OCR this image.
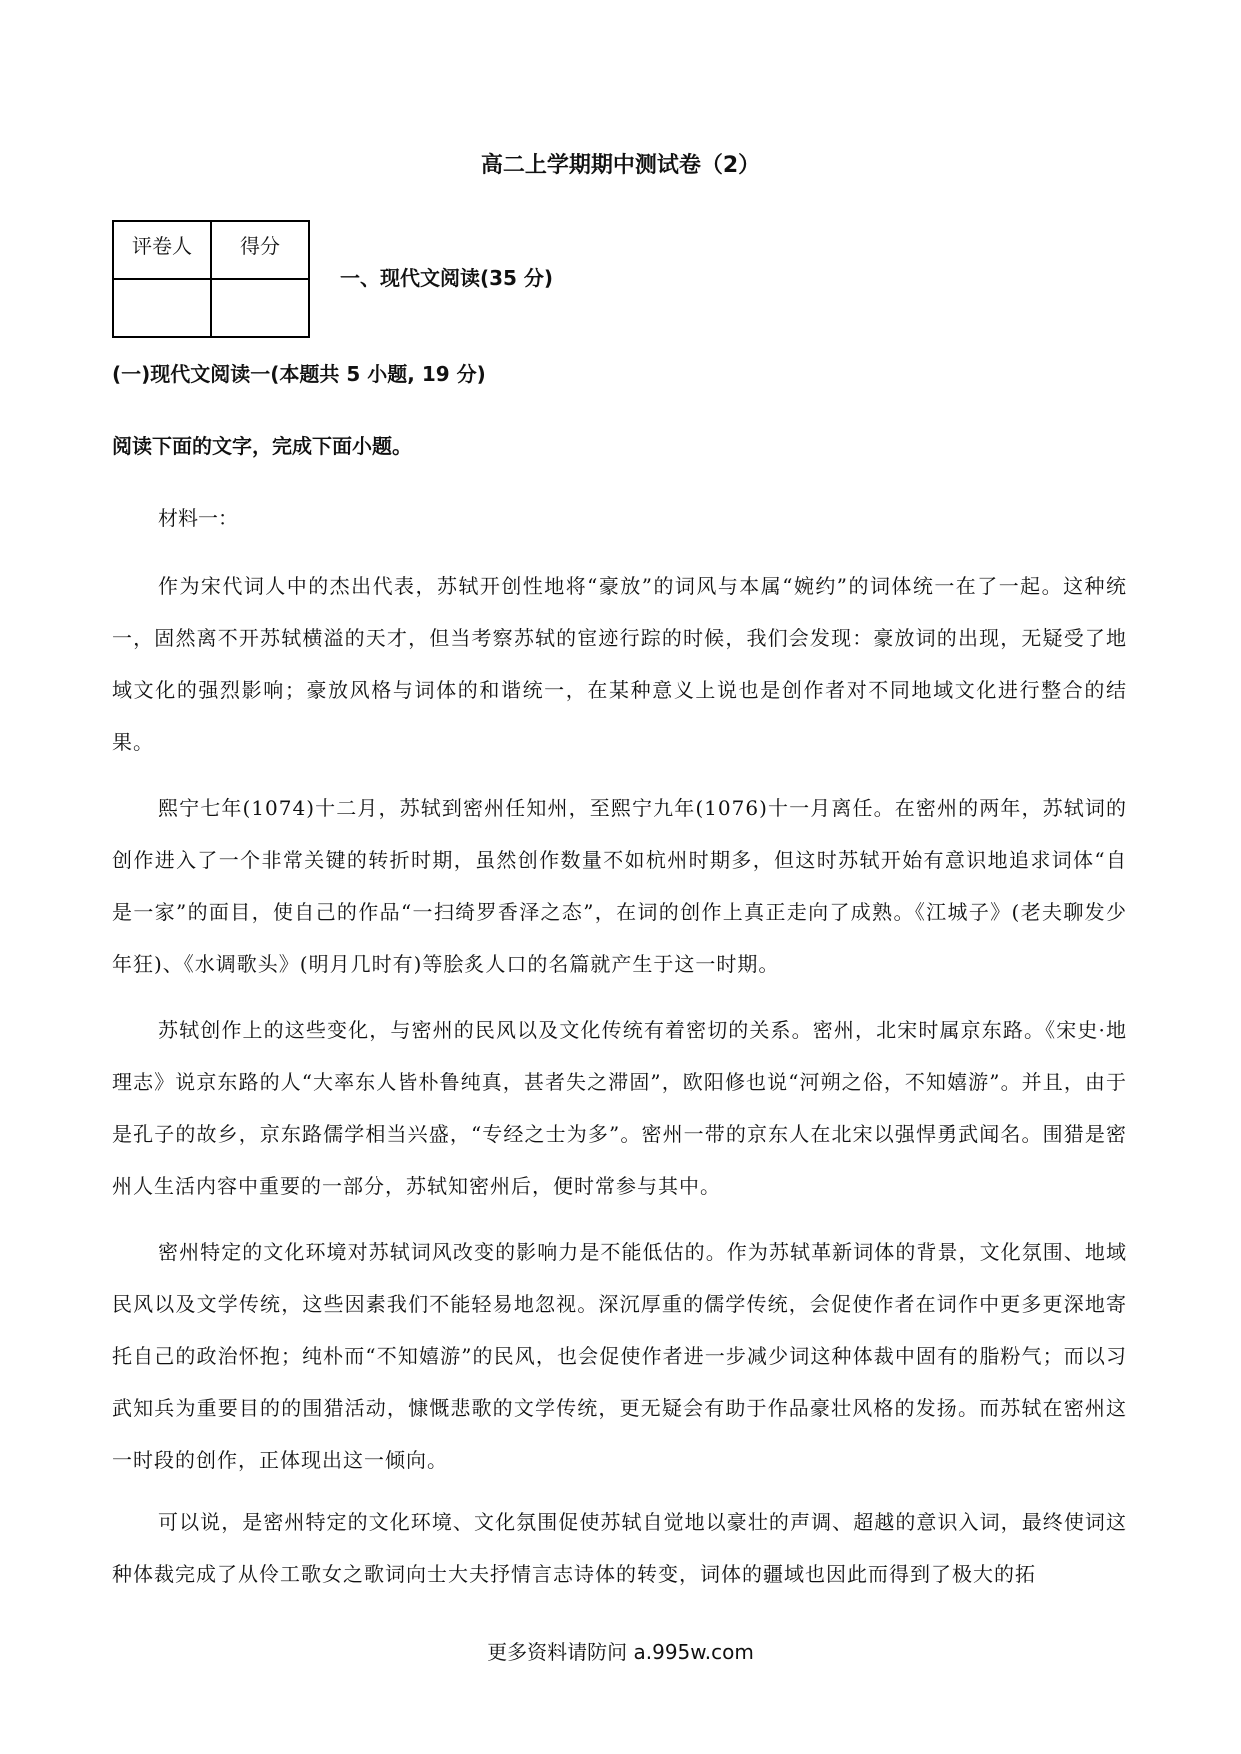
高二上学期期中测试卷（2）
评卷人	得分

一、现代文阅读(35 分)
(一)现代文阅读一(本题共 5 小题, 19 分)
阅读下面的文字，完成下面小题。
材料一：

作为宋代词人中的杰出代表，苏轼开创性地将“豪放”的词风与本属“婉约”的词体统一在了一起。这种统一，固然离不开苏轼横溢的天才，但当考察苏轼的宦迹行踪的时候，我们会发现：豪放词的出现，无疑受了地域文化的强烈影响；豪放风格与词体的和谐统一，在某种意义上说也是创作者对不同地域文化进行整合的结果。

熙宁七年(1074)十二月，苏轼到密州任知州，至熙宁九年(1076)十一月离任。在密州的两年，苏轼词的创作进入了一个非常关键的转折时期，虽然创作数量不如杭州时期多，但这时苏轼开始有意识地追求词体“自是一家”的面目，使自己的作品“一扫绮罗香泽之态”，在词的创作上真正走向了成熟。《江城子》(老夫聊发少年狂)、《水调歌头》(明月几时有)等脍炙人口的名篇就产生于这一时期。

苏轼创作上的这些变化，与密州的民风以及文化传统有着密切的关系。密州，北宋时属京东路。《宋史·地理志》说京东路的人“大率东人皆朴鲁纯真，甚者失之滞固”，欧阳修也说“河朔之俗，不知嬉游”。并且，由于是孔子的故乡，京东路儒学相当兴盛，“专经之士为多”。密州一带的京东人在北宋以强悍勇武闻名。围猎是密州人生活内容中重要的一部分，苏轼知密州后，便时常参与其中。

密州特定的文化环境对苏轼词风改变的影响力是不能低估的。作为苏轼革新词体的背景，文化氛围、地域民风以及文学传统，这些因素我们不能轻易地忽视。深沉厚重的儒学传统，会促使作者在词作中更多更深地寄托自己的政治怀抱；纯朴而“不知嬉游”的民风，也会促使作者进一步减少词这种体裁中固有的脂粉气；而以习武知兵为重要目的的围猎活动，慷慨悲歌的文学传统，更无疑会有助于作品豪壮风格的发扬。而苏轼在密州这一时段的创作，正体现出这一倾向。

可以说，是密州特定的文化环境、文化氛围促使苏轼自觉地以豪壮的声调、超越的意识入词，最终使词这种体裁完成了从伶工歌女之歌词向士大夫抒情言志诗体的转变，词体的疆域也因此而得到了极大的拓

更多资料请防问 a.995w.com
